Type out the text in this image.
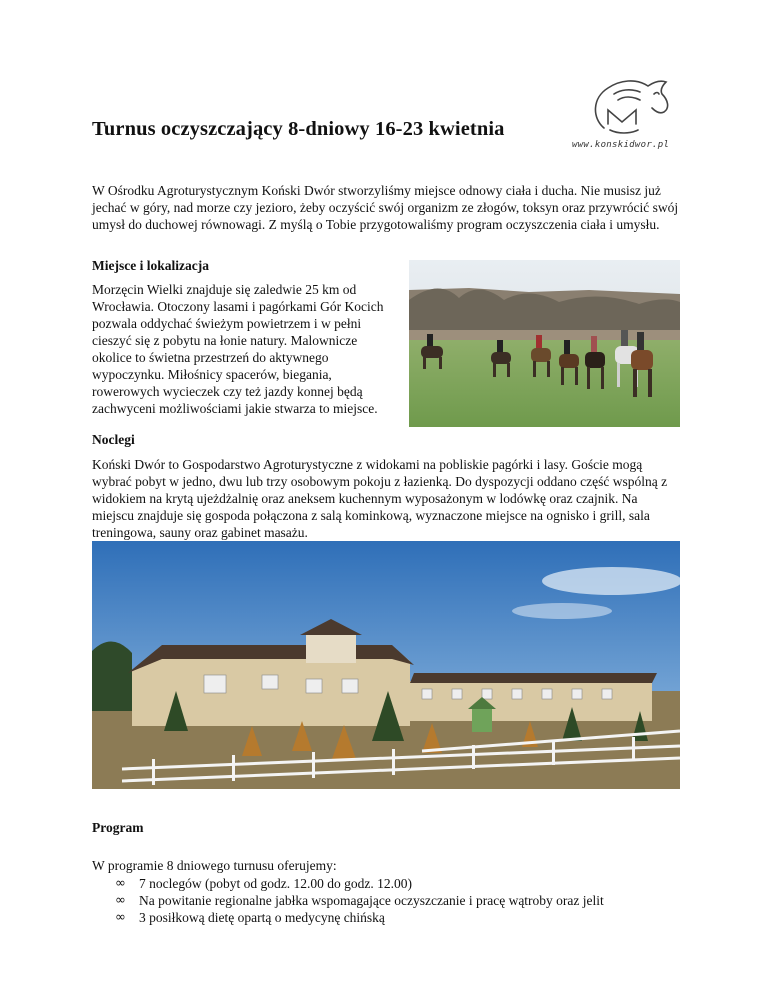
Turnus oczyszczający 8-dniowy 16-23 kwietnia
www.konskidwor.pl
W Ośrodku Agroturystycznym Koński Dwór stworzyliśmy miejsce odnowy ciała i ducha. Nie musisz już jechać w góry, nad morze czy jezioro, żeby oczyścić swój organizm ze złogów, toksyn oraz przywrócić swój umysł do duchowej równowagi. Z myślą o Tobie przygotowaliśmy program oczyszczenia ciała i umysłu.
Miejsce i lokalizacja
Morzęcin Wielki znajduje się zaledwie 25 km od Wrocławia. Otoczony lasami i pagórkami Gór Kocich pozwala oddychać świeżym powietrzem i w pełni cieszyć się z pobytu na łonie natury. Malownicze okolice to świetna przestrzeń do aktywnego wypoczynku. Miłośnicy spacerów, biegania, rowerowych wycieczek czy też jazdy konnej będą zachwyceni możliwościami jakie stwarza to miejsce.
Noclegi
Koński Dwór to Gospodarstwo Agroturystyczne z widokami na pobliskie pagórki i lasy. Goście mogą wybrać pobyt w jedno, dwu lub trzy osobowym pokoju z łazienką. Do dyspozycji oddano część wspólną z widokiem na krytą ujeżdżalnię oraz aneksem kuchennym wyposażonym w lodówkę oraz czajnik. Na miejscu znajduje się gospoda połączona z salą kominkową, wyznaczone miejsce na ognisko i grill, sala treningowa, sauny oraz gabinet masażu.
Program
W programie 8 dniowego turnusu oferujemy:
∞ 7 noclegów (pobyt od godz. 12.00 do godz. 12.00)
∞ Na powitanie regionalne jabłka wspomagające oczyszczanie i pracę wątroby oraz jelit
∞ 3 posiłkową dietę opartą o medycynę chińską
